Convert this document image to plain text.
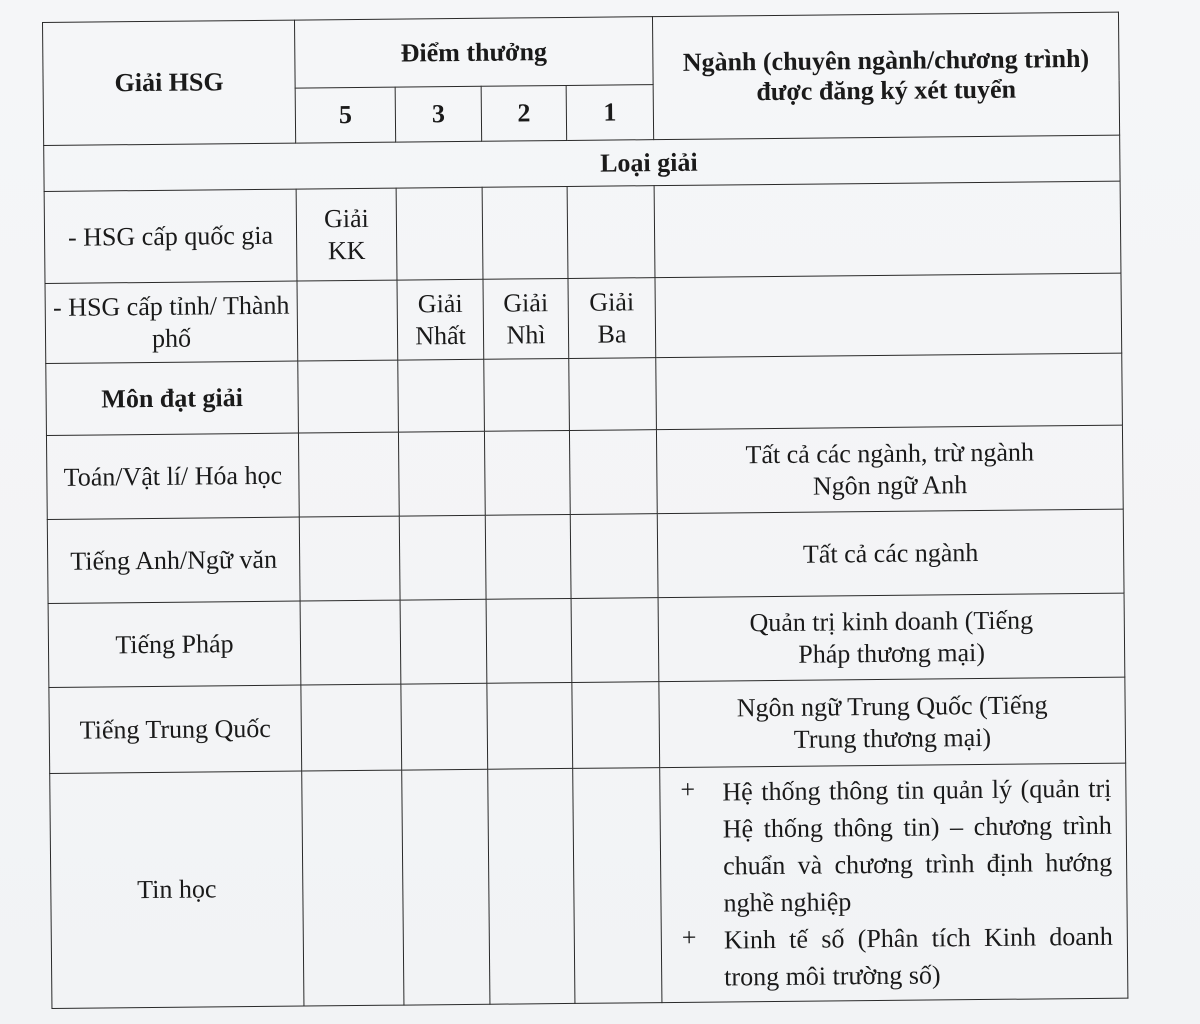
Giải HSG	Điểm thưởng				Ngành (chuyên ngành/chương trình) được đăng ký xét tuyển
	5	3	2	1	
Loại giải					
- HSG cấp quốc gia	Giải KK				
- HSG cấp tỉnh/ Thành phố		Giải Nhất	Giải Nhì	Giải Ba	
Môn đạt giải					
Toán/Vật lí/ Hóa học					Tất cả các ngành, trừ ngành Ngôn ngữ Anh
Tiếng Anh/Ngữ văn					Tất cả các ngành
Tiếng Pháp					Quản trị kinh doanh (Tiếng Pháp thương mại)
Tiếng Trung Quốc					Ngôn ngữ Trung Quốc (Tiếng Trung thương mại)
Tin học					+ Hệ thống thông tin quản lý (quản trị Hệ thống thông tin) – chương trình chuẩn và chương trình định hướng nghề nghiệp
+ Kinh tế số (Phân tích Kinh doanh trong môi trường số)
